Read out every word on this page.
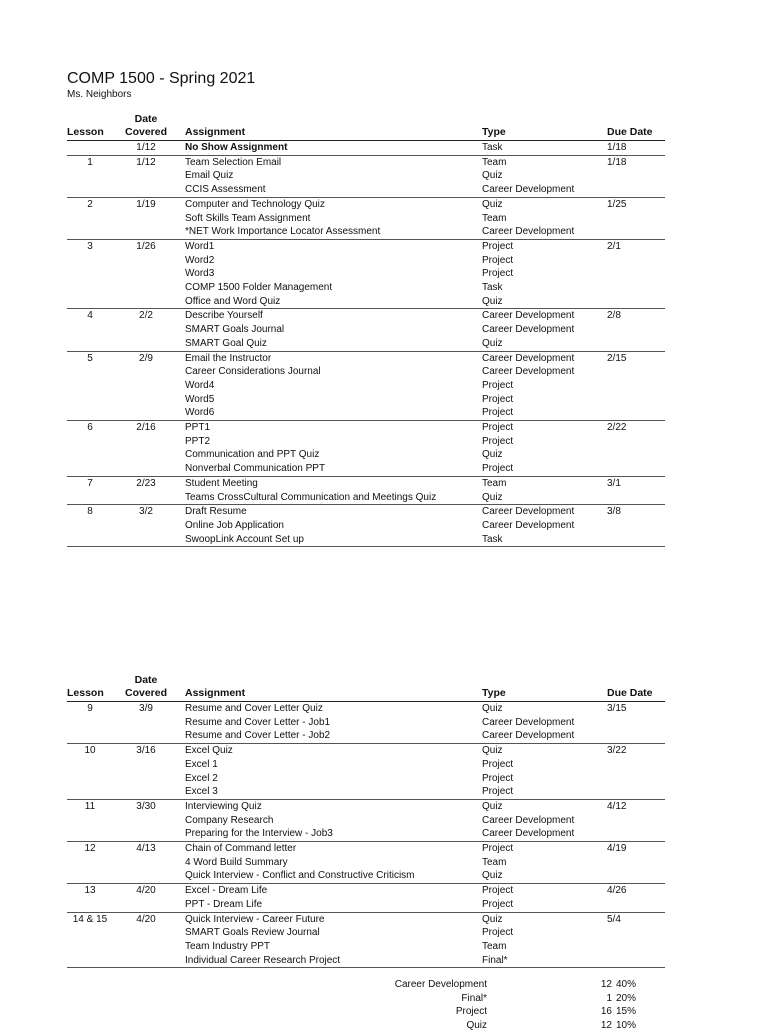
COMP 1500 - Spring 2021
Ms. Neighbors
Lesson	Date
Covered	Assignment	Type	Due Date
	1/12	No Show Assignment	Task	1/18
1	1/12	Team Selection Email	Team	1/18
		Email Quiz	Quiz	
		CCIS Assessment	Career Development	
2	1/19	Computer and Technology Quiz	Quiz	1/25
		Soft Skills Team Assignment	Team	
		*NET Work Importance Locator Assessment	Career Development	
3	1/26	Word1	Project	2/1
		Word2	Project	
		Word3	Project	
		COMP 1500 Folder Management	Task	
		Office and Word Quiz	Quiz	
4	2/2	Describe Yourself	Career Development	2/8
		SMART Goals Journal	Career Development	
		SMART Goal Quiz	Quiz	
5	2/9	Email the Instructor	Career Development	2/15
		Career Considerations Journal	Career Development	
		Word4	Project	
		Word5	Project	
		Word6	Project	
6	2/16	PPT1	Project	2/22
		PPT2	Project	
		Communication and PPT Quiz	Quiz	
		Nonverbal Communication PPT	Project	
7	2/23	Student Meeting	Team	3/1
		Teams CrossCultural Communication and Meetings Quiz	Quiz	
8	3/2	Draft Resume	Career Development	3/8
		Online Job Application	Career Development	
		SwoopLink Account Set up	Task	
Lesson	Date
Covered	Assignment	Type	Due Date
9	3/9	Resume and Cover Letter Quiz	Quiz	3/15
		Resume and Cover Letter - Job1	Career Development	
		Resume and Cover Letter - Job2	Career Development	
10	3/16	Excel Quiz	Quiz	3/22
		Excel 1	Project	
		Excel 2	Project	
		Excel 3	Project	
11	3/30	Interviewing Quiz	Quiz	4/12
		Company Research	Career Development	
		Preparing for the Interview - Job3	Career Development	
12	4/13	Chain of Command letter	Project	4/19
		4 Word Build Summary	Team	
		Quick Interview - Conflict and Constructive Criticism	Quiz	
13	4/20	Excel - Dream Life	Project	4/26
		PPT - Dream Life	Project	
14 & 15	4/20	Quick Interview - Career Future	Quiz	5/4
		SMART Goals Review Journal	Project	
		Team Industry PPT	Team	
		Individual Career Research Project	Final*	
Career Development	12	40%
Final*	1	20%
Project	16	15%
Quiz	12	10%
